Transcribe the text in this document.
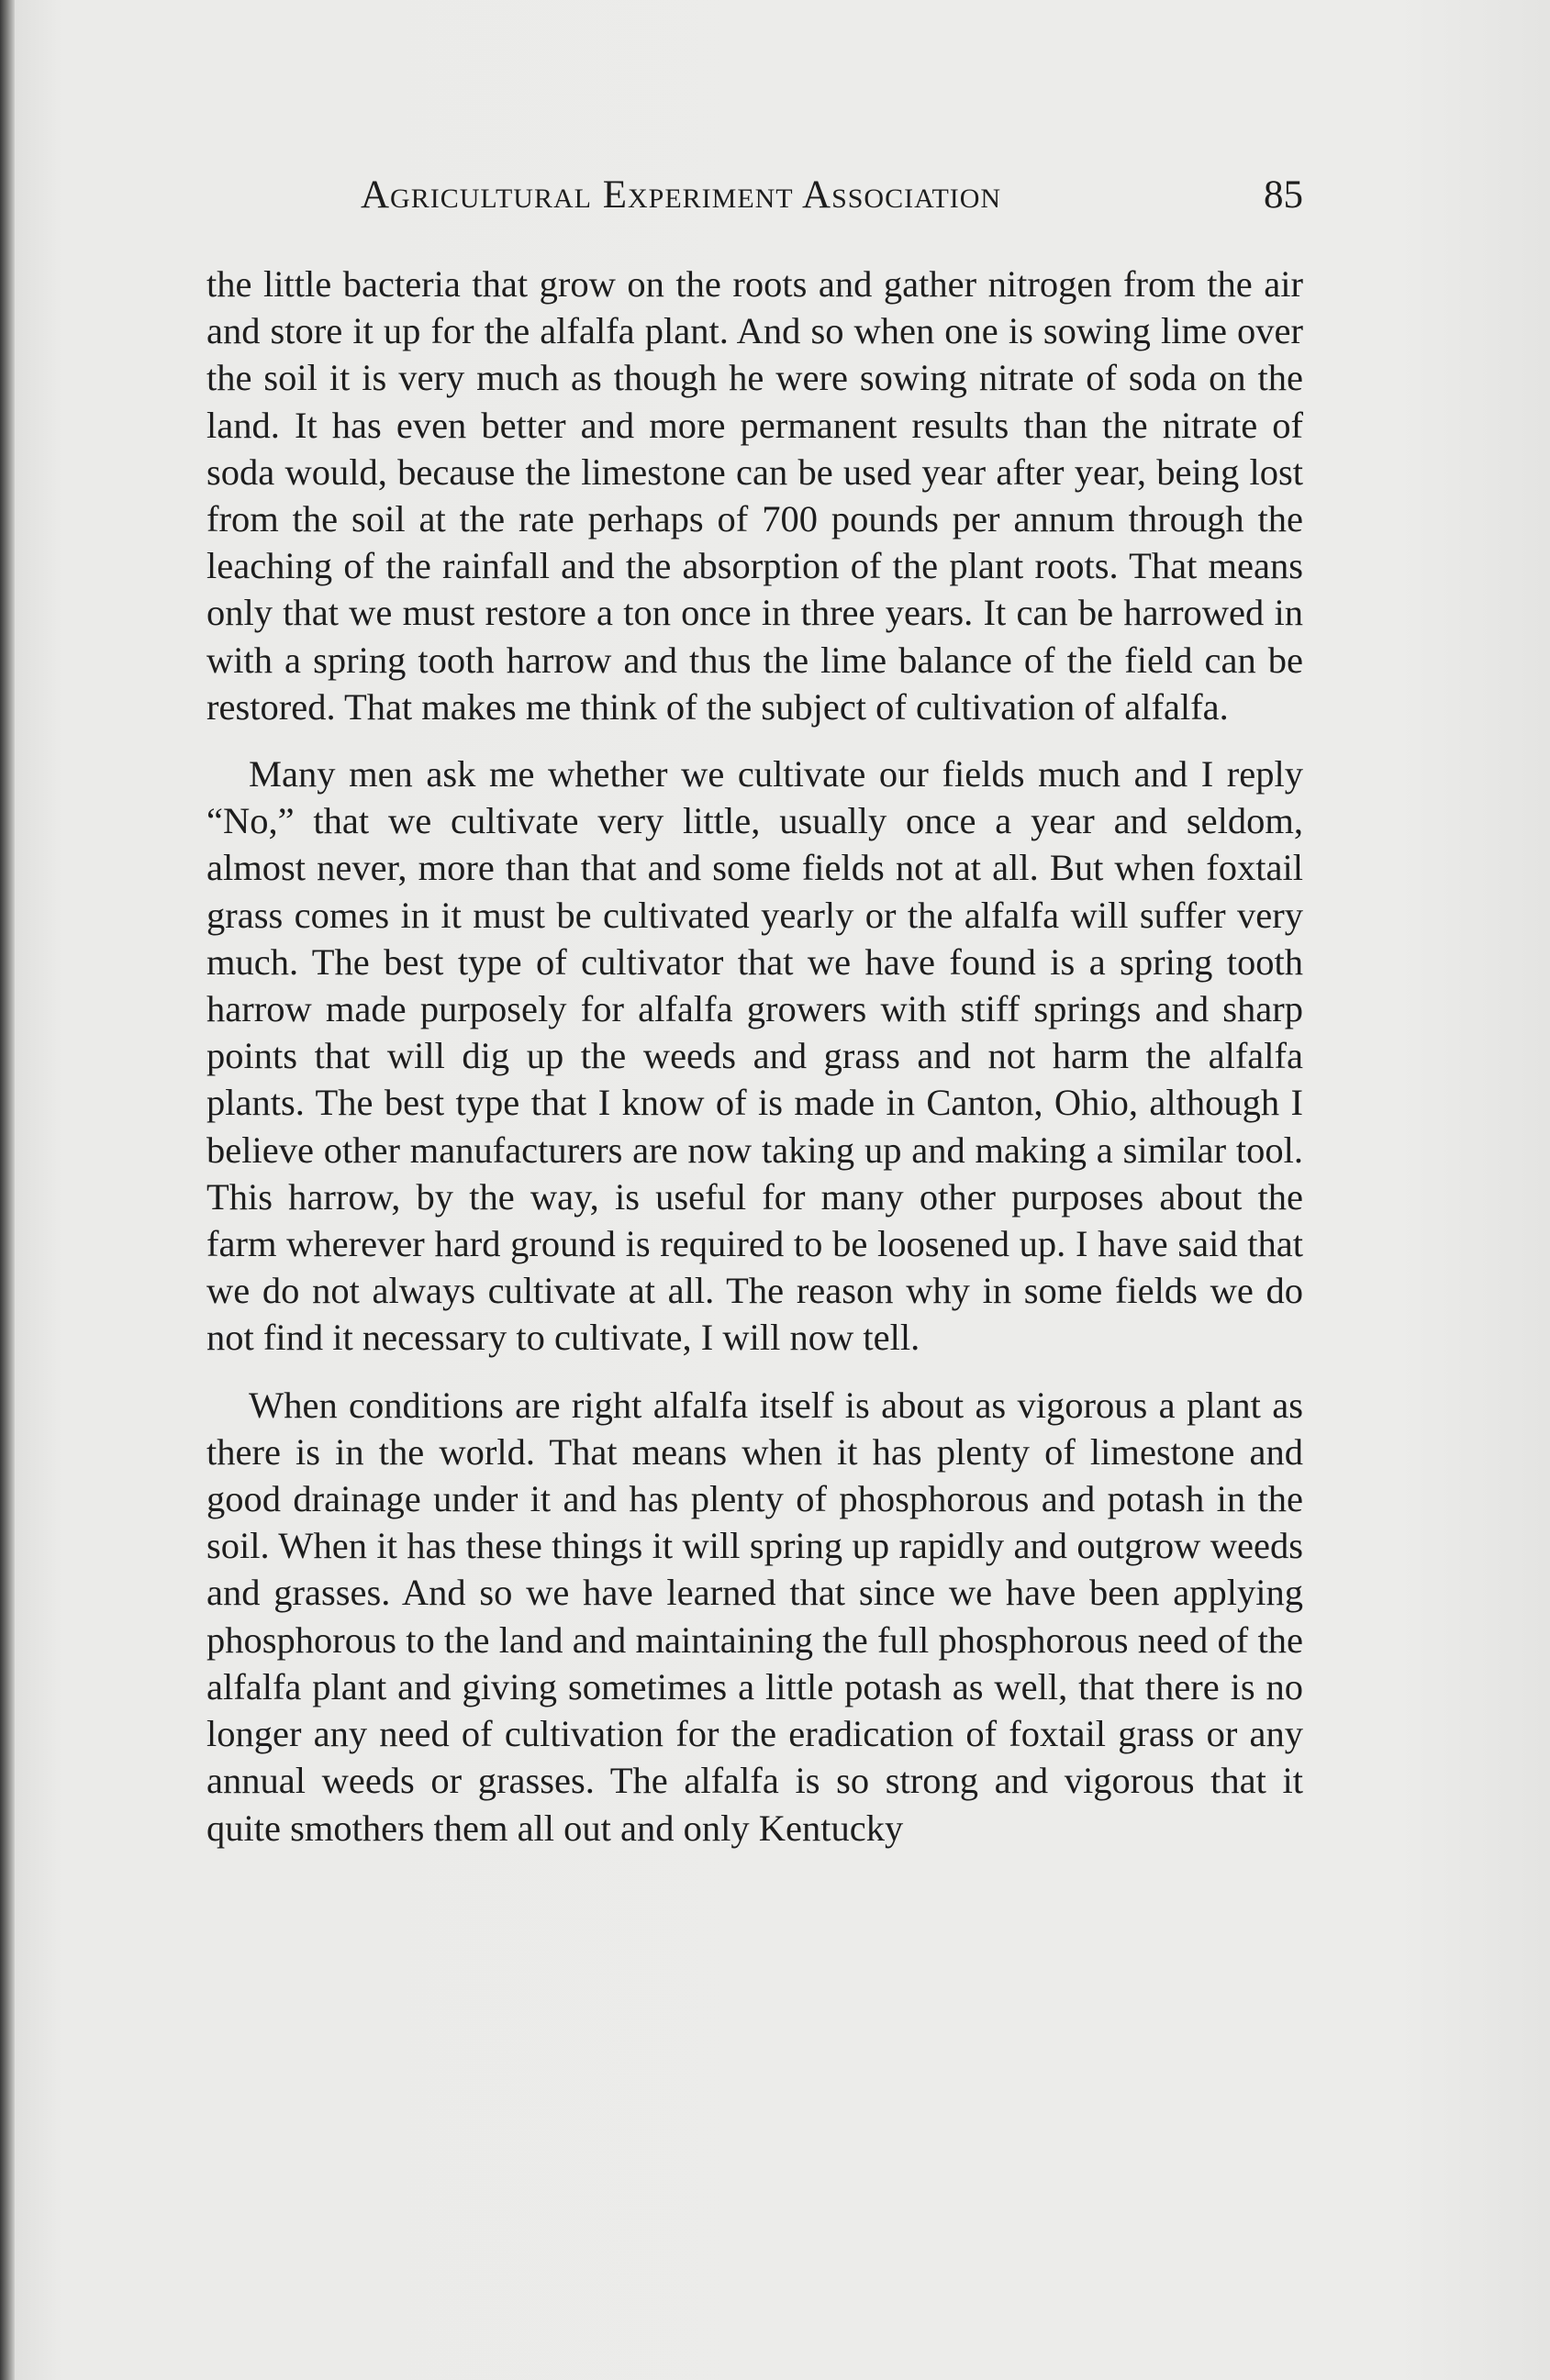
Agricultural Experiment Association	85

the little bacteria that grow on the roots and gather nitrogen from the air and store it up for the alfalfa plant. And so when one is sowing lime over the soil it is very much as though he were sowing nitrate of soda on the land. It has even better and more permanent results than the nitrate of soda would, because the limestone can be used year after year, being lost from the soil at the rate perhaps of 700 pounds per annum through the leaching of the rainfall and the absorption of the plant roots. That means only that we must restore a ton once in three years. It can be harrowed in with a spring tooth harrow and thus the lime balance of the field can be restored. That makes me think of the subject of cultivation of alfalfa.

Many men ask me whether we cultivate our fields much and I reply “No,” that we cultivate very little, usually once a year and seldom, almost never, more than that and some fields not at all. But when foxtail grass comes in it must be cultivated yearly or the alfalfa will suffer very much. The best type of cultivator that we have found is a spring tooth harrow made purposely for alfalfa growers with stiff springs and sharp points that will dig up the weeds and grass and not harm the alfalfa plants. The best type that I know of is made in Canton, Ohio, although I believe other manufacturers are now taking up and making a similar tool. This harrow, by the way, is useful for many other purposes about the farm wherever hard ground is required to be loosened up. I have said that we do not always cultivate at all. The reason why in some fields we do not find it necessary to cultivate, I will now tell.

When conditions are right alfalfa itself is about as vigorous a plant as there is in the world. That means when it has plenty of limestone and good drainage under it and has plenty of phosphorous and potash in the soil. When it has these things it will spring up rapidly and outgrow weeds and grasses. And so we have learned that since we have been applying phosphorous to the land and maintaining the full phosphorous need of the alfalfa plant and giving sometimes a little potash as well, that there is no longer any need of cultivation for the eradication of foxtail grass or any annual weeds or grasses. The alfalfa is so strong and vigorous that it quite smothers them all out and only Kentucky
